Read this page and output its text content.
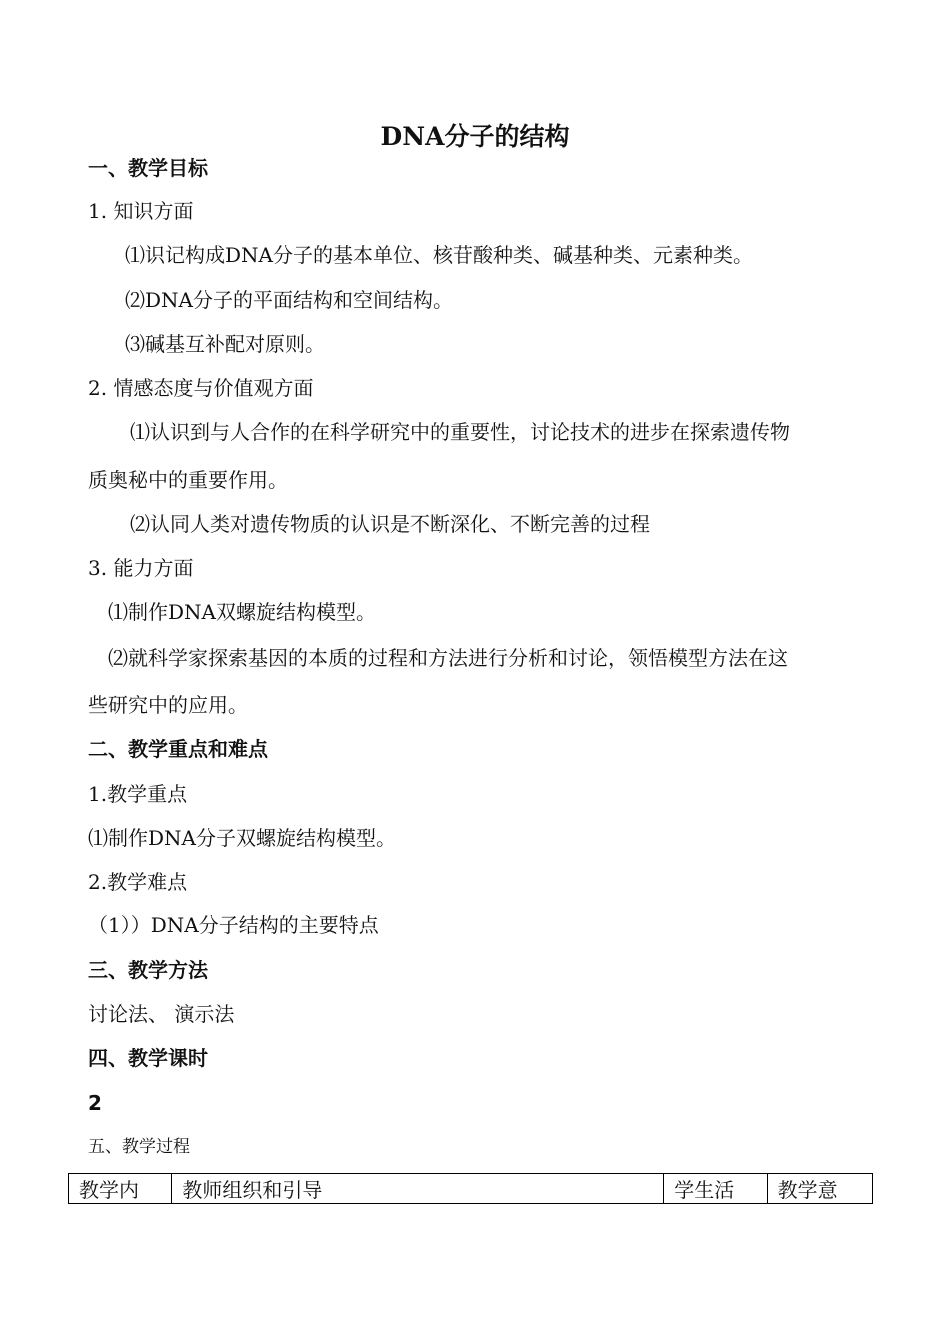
DNA分子的结构
一、教学目标
1. 知识方面
⑴识记构成DNA分子的基本单位、核苷酸种类、碱基种类、元素种类。
⑵DNA分子的平面结构和空间结构。
⑶碱基互补配对原则。
2. 情感态度与价值观方面
⑴认识到与人合作的在科学研究中的重要性，讨论技术的进步在探索遗传物
质奥秘中的重要作用。
⑵认同人类对遗传物质的认识是不断深化、不断完善的过程
3. 能力方面
⑴制作DNA双螺旋结构模型。
⑵就科学家探索基因的本质的过程和方法进行分析和讨论，领悟模型方法在这
些研究中的应用。
二、教学重点和难点
1.教学重点
⑴制作DNA分子双螺旋结构模型。
2.教学难点
（1））DNA分子结构的主要特点
三、教学方法
讨论法、 演示法
四、教学课时
2
五、教学过程
教学内	教师组织和引导	学生活	教学意
